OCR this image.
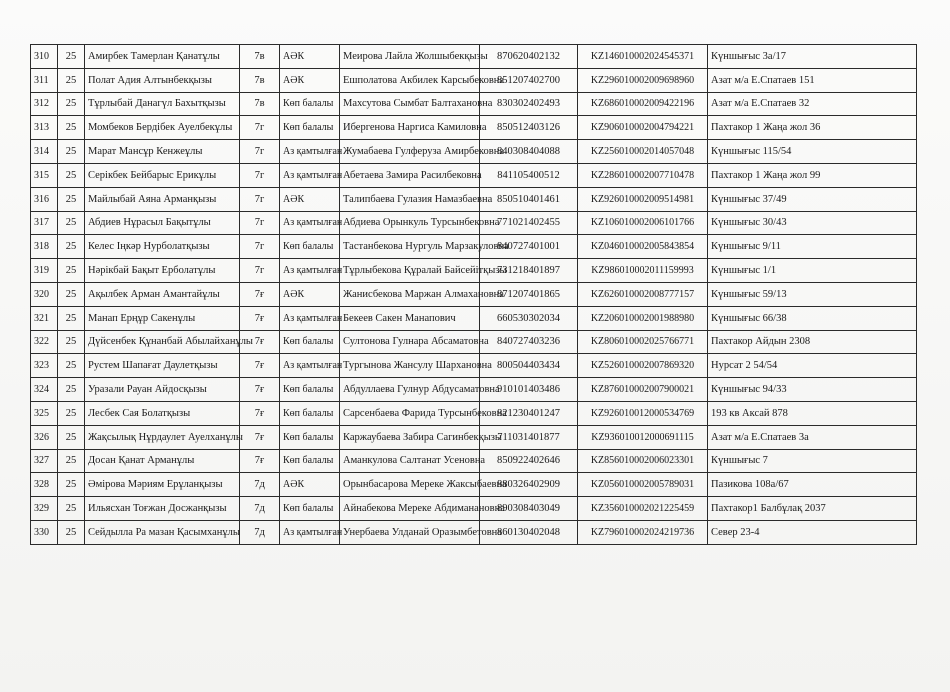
310	25	Амирбек Тамерлан Қанатұлы	7в	АӘК	Меирова Лайла Жолшыбекқызы	870620402132	KZ146010002024545371	Күншығыс 3а/17
311	25	Полат Адия Алтынбекқызы	7в	АӘК	Ешполатова Акбилек Карсыбековна	851207402700	KZ296010002009698960	Азат м/а Е.Спатаев 151
312	25	Тұрлыбай Данагүл Бахытқызы	7в	Көп балалы	Махсутова Сымбат Балтахановна	830302402493	KZ686010002009422196	Азат м/а Е.Спатаев 32
313	25	Момбеков Бердібек Ауелбекұлы	7г	Көп балалы	Ибергенова Наргиса Камиловна	850512403126	KZ906010002004794221	Пахтакор 1 Жаңа жол 36
314	25	Марат Мансұр Кенжеұлы	7г	Аз қамтылған	Жумабаева Гулферуза Амирбековна	840308404088	KZ256010002014057048	Күншығыс 115/54
315	25	Серікбек Бейбарыс Ерикұлы	7г	Аз қамтылған	Абетаева Замира Расилбековна	841105400512	KZ286010002007710478	Пахтакор 1 Жаңа жол 99
316	25	Майлыбай Аяна Арманқызы	7г	АӘК	Талипбаева Гулазия Намазбаевна	850510401461	KZ926010002009514981	Күншығыс 37/49
317	25	Абдиев Нұрасыл Бақытұлы	7г	Аз қамтылған	Абдиева Орынкуль Турсынбековна	771021402455	KZ106010002006101766	Күншығыс 30/43
318	25	Келес Іңкәр Нурболатқызы	7г	Көп балалы	Тастанбекова Нургуль Марзакуловна	840727401001	KZ046010002005843854	Күншығыс 9/11
319	25	Нәрікбай Бақыт Ерболатұлы	7г	Аз қамтылған	Тұрлыбекова Құралай Байсейітқызы	731218401897	KZ986010002011159993	Күншығыс 1/1
320	25	Ақылбек Арман Амантайұлы	7ғ	АӘК	Жанисбекова Маржан Алмахановна	871207401865	KZ626010002008777157	Күншығыс 59/13
321	25	Манап Ерңұр Сакенұлы	7ғ	Аз қамтылған	Бекеев Сакен Манапович	660530302034	KZ206010002001988980	Күншығыс 66/38
322	25	Дүйсенбек Құнанбай Абылайханұлы	7ғ	Көп балалы	Султонова Гулнара Абсаматовна	840727403236	KZ806010002025766771	Пахтакор Айдын 2308
323	25	Рустем Шапағат Даулетқызы	7ғ	Аз қамтылған	Тургынова Жансулу Шархановна	800504403434	KZ526010002007869320	Нурсат 2 54/54
324	25	Уразали Рауан Айдосқызы	7ғ	Көп балалы	Абдуллаева Гулнур Абдусаматовна	910101403486	KZ876010002007900021	Күншығыс 94/33
325	25	Лесбек Сая Болатқызы	7ғ	Көп балалы	Сарсенбаева Фарида Турсынбековна	821230401247	KZ926010012000534769	193 кв Аксай 878
326	25	Жақсылық Нұрдаулет Ауелханұлы	7ғ	Көп балалы	Каржаубаева Забира Сагинбекқызы	711031401877	KZ936010012000691115	Азат м/а Е.Спатаев 3а
327	25	Досан Қанат Арманұлы	7ғ	Көп балалы	Аманкулова Салтанат Усеновна	850922402646	KZ856010002006023301	Күншығыс 7
328	25	Әмірова Мәриям Ерұланқызы	7д	АӘК	Орынбасарова Мереке Жаксыбаевна	880326402909	KZ056010002005789031	Пазикова 108а/67
329	25	Ильясхан Тоғжан Досжанқызы	7д	Көп балалы	Айнабекова Мереке Абдиманановна	890308403049	KZ356010002021225459	Пахтакор1 Балбұлақ 2037
330	25	Сейдылла Ра мазан Қасымханұлы	7д	Аз қамтылған	Унербаева Улданай Оразымбетовна	860130402048	KZ796010002024219736	Север 23-4
